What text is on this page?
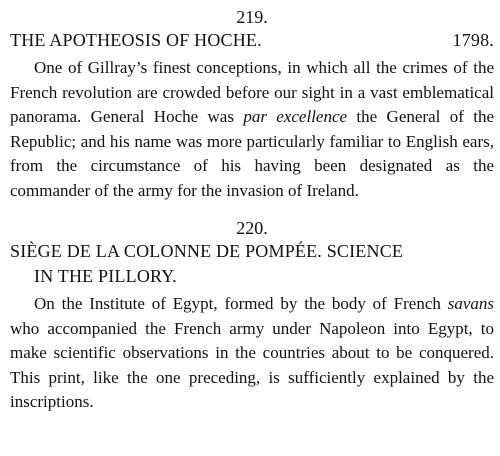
219.

THE APOTHEOSIS OF HOCHE.	1798.

One of Gillray’s finest conceptions, in which all the crimes of the French revolution are crowded before our sight in a vast emblematical panorama. General Hoche was par excellence the General of the Republic; and his name was more particularly familiar to English ears, from the circumstance of his having been designated as the commander of the army for the invasion of Ireland.

220.

SIÈGE DE LA COLONNE DE POMPÉE. SCIENCE
IN THE PILLORY.

On the Institute of Egypt, formed by the body of French savans who accompanied the French army under Napoleon into Egypt, to make scientific observations in the countries about to be conquered. This print, like the one preceding, is sufficiently explained by the inscriptions.
